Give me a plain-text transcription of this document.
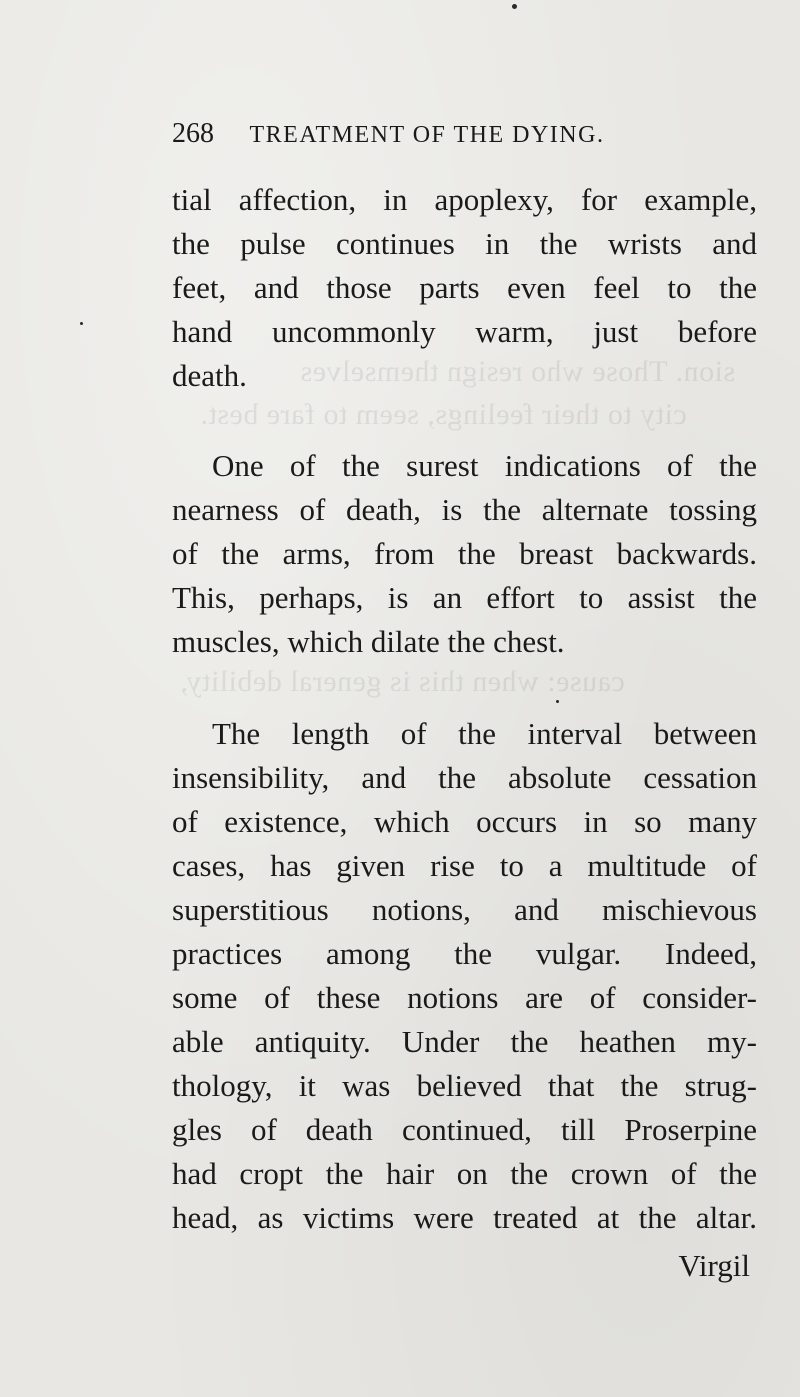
sion. Those who resign themselves
city to their feelings, seem to fare best.
cause: when this is general debility,
268 TREATMENT OF THE DYING.
tial affection, in apoplexy, for example,
the pulse continues in the wrists and
feet, and those parts even feel to the
hand uncommonly warm, just before
death.
One of the surest indications of the
nearness of death, is the alternate tossing
of the arms, from the breast backwards.
This, perhaps, is an effort to assist the
muscles, which dilate the chest.
The length of the interval between
insensibility, and the absolute cessation
of existence, which occurs in so many
cases, has given rise to a multitude of
superstitious notions, and mischievous
practices among the vulgar. Indeed,
some of these notions are of consider-
able antiquity. Under the heathen my-
thology, it was believed that the strug-
gles of death continued, till Proserpine
had cropt the hair on the crown of the
head, as victims were treated at the altar.
Virgil
